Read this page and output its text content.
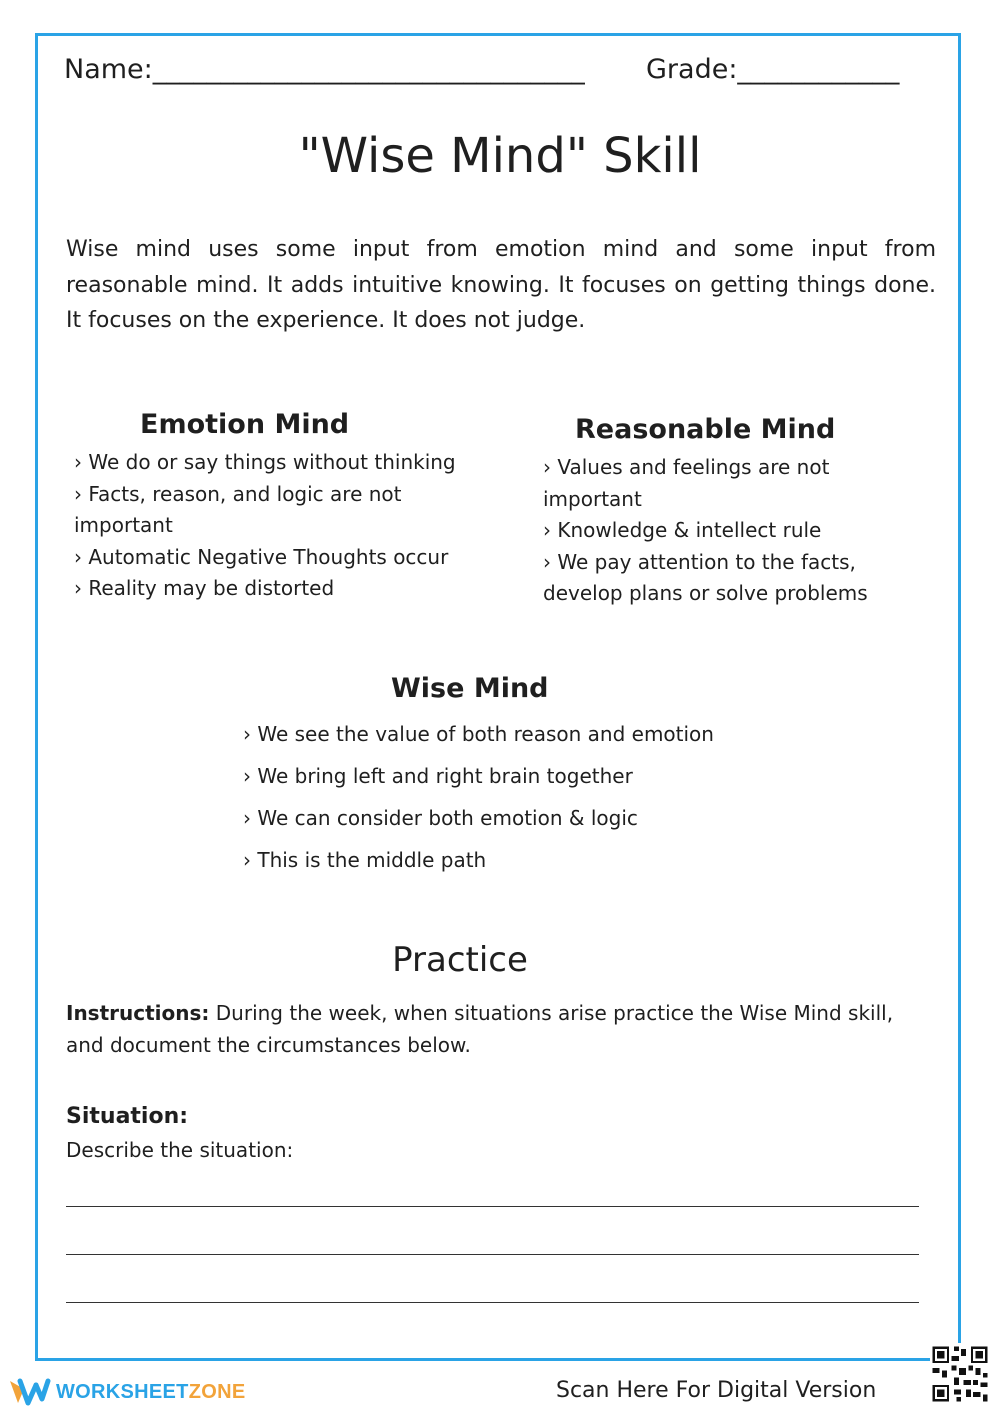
Name:________________________________ Grade:____________
"Wise Mind" Skill

Wise mind uses some input from emotion mind and some input from reasonable mind. It adds intuitive knowing. It focuses on getting things done. It focuses on the experience. It does not judge.

Emotion Mind
› We do or say things without thinking
› Facts, reason, and logic are not important
› Automatic Negative Thoughts occur
› Reality may be distorted
Reasonable Mind
› Values and feelings are not important
› Knowledge & intellect rule
› We pay attention to the facts, develop plans or solve problems
Wise Mind
› We see the value of both reason and emotion
› We bring left and right brain together
› We can consider both emotion & logic
› This is the middle path
Practice

Instructions: During the week, when situations arise practice the Wise Mind skill, and document the circumstances below.

Situation:
Describe the situation:
WORKSHEETZONE	Scan Here For Digital Version
